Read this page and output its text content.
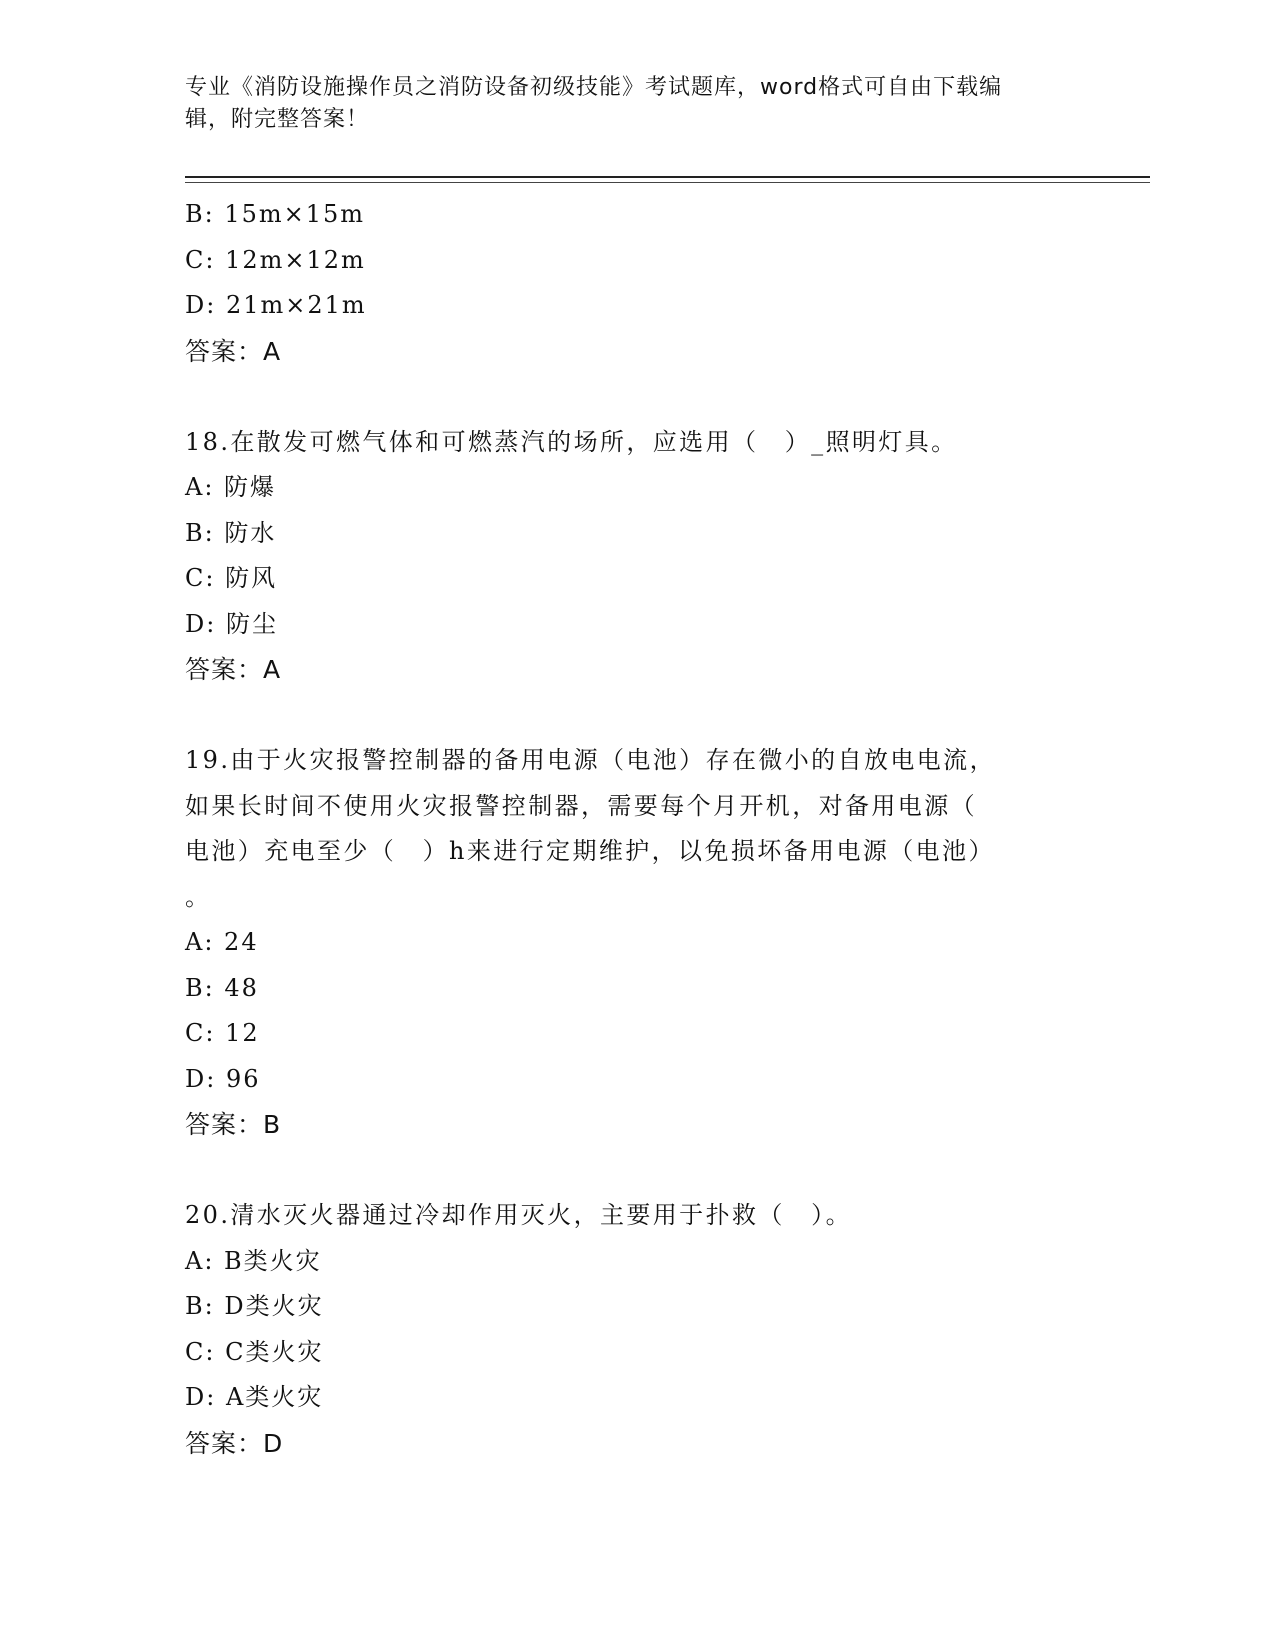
专业《消防设施操作员之消防设备初级技能》考试题库，word格式可自由下载编
辑，附完整答案！
B: 15m×15m
C: 12m×12m
D: 21m×21m
答案：A
18.在散发可燃气体和可燃蒸汽的场所，应选用（　）_照明灯具。
A: 防爆
B: 防水
C: 防风
D: 防尘
答案：A
19.由于火灾报警控制器的备用电源（电池）存在微小的自放电电流，
如果长时间不使用火灾报警控制器，需要每个月开机，对备用电源（
电池）充电至少（　）h来进行定期维护，以免损坏备用电源（电池）
。
A: 24
B: 48
C: 12
D: 96
答案：B
20.清水灭火器通过冷却作用灭火，主要用于扑救（　）。
A: B类火灾
B: D类火灾
C: C类火灾
D: A类火灾
答案：D
